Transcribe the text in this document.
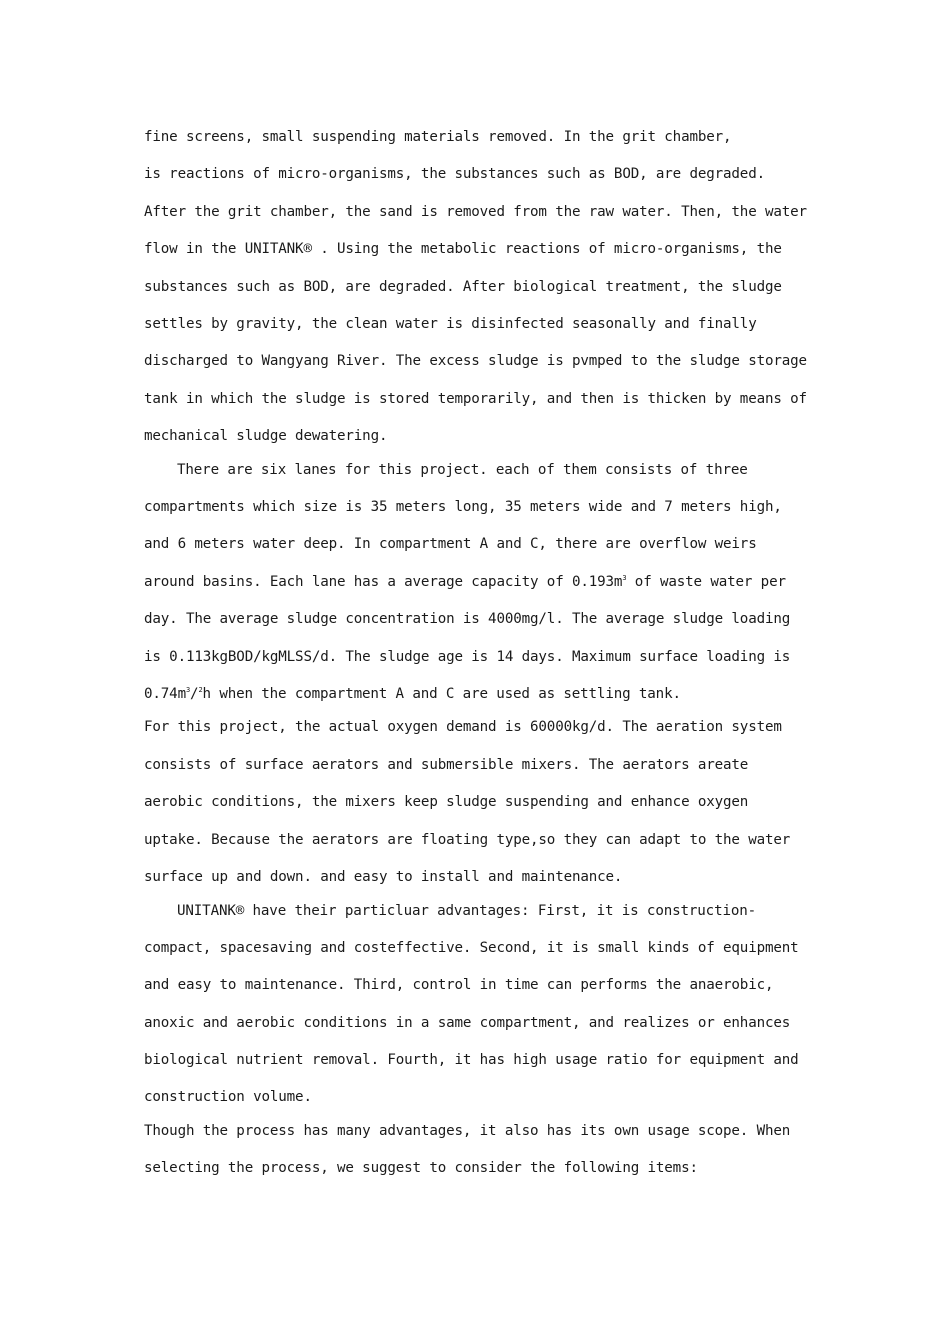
fine screens, small suspending materials removed. In the grit chamber,
is reactions of micro-organisms, the substances such as BOD, are degraded.
After the grit chamber, the sand is removed from the raw water. Then, the water
flow in the UNITANK® . Using the metabolic reactions of micro-organisms, the
substances such as BOD, are degraded. After biological treatment, the sludge
settles by gravity, the clean water is disinfected seasonally and finally
discharged to Wangyang River. The excess sludge is pvmped to the sludge storage
tank in which the sludge is stored temporarily, and then is thicken by means of
mechanical sludge dewatering.
There are six lanes for this project. each of them consists of three
compartments which size is 35 meters long, 35 meters wide and 7 meters high,
and 6 meters water deep. In compartment A and C, there are overflow weirs
around basins. Each lane has a average capacity of $0.193m^3$ of waste water per
day. The average sludge concentration is 4000mg/l. The average sludge loading
is 0.113kgBOD/kgMLSS/d. The sludge age is 14 days. Maximum surface loading is
$0.74m^3/^2h$ when the compartment A and C are used as settling tank.
For this project, the actual oxygen demand is 60000kg/d. The aeration system
consists of surface aerators and submersible mixers. The aerators areate
aerobic conditions, the mixers keep sludge suspending and enhance oxygen
uptake. Because the aerators are floating type,so they can adapt to the water
surface up and down. and easy to install and maintenance.
UNITANK® have their particluar advantages: First, it is construction-
compact, spacesaving and costeffective. Second, it is small kinds of equipment
and easy to maintenance. Third, control in time can performs the anaerobic,
anoxic and aerobic conditions in a same compartment, and realizes or enhances
biological nutrient removal. Fourth, it has high usage ratio for equipment and
construction volume.
Though the process has many advantages, it also has its own usage scope. When
selecting the process, we suggest to consider the following items:
